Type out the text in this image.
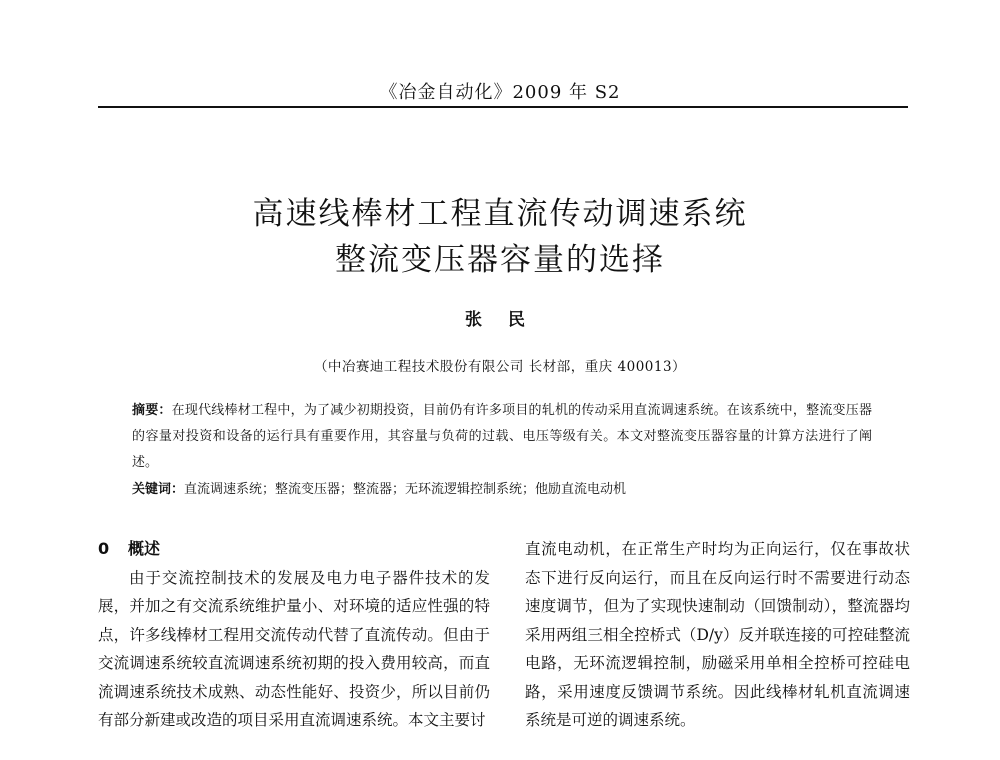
《冶金自动化》2009 年 S2
高速线棒材工程直流传动调速系统
整流变压器容量的选择
张 民
（中冶赛迪工程技术股份有限公司 长材部，重庆 400013）
摘要：在现代线棒材工程中，为了减少初期投资，目前仍有许多项目的轧机的传动采用直流调速系统。在该系统中，整流变压器的容量对投资和设备的运行具有重要作用，其容量与负荷的过载、电压等级有关。本文对整流变压器容量的计算方法进行了阐述。
关键词：直流调速系统；整流变压器；整流器；无环流逻辑控制系统；他励直流电动机
0 概述

由于交流控制技术的发展及电力电子器件技术的发展，并加之有交流系统维护量小、对环境的适应性强的特点，许多线棒材工程用交流传动代替了直流传动。但由于交流调速系统较直流调速系统初期的投入费用较高，而直流调速系统技术成熟、动态性能好、投资少，所以目前仍有部分新建或改造的项目采用直流调速系统。本文主要讨

直流电动机，在正常生产时均为正向运行，仅在事故状态下进行反向运行，而且在反向运行时不需要进行动态速度调节，但为了实现快速制动（回馈制动），整流器均采用两组三相全控桥式（D/y）反并联连接的可控硅整流电路，无环流逻辑控制，励磁采用单相全控桥可控硅电路，采用速度反馈调节系统。因此线棒材轧机直流调速系统是可逆的调速系统。
